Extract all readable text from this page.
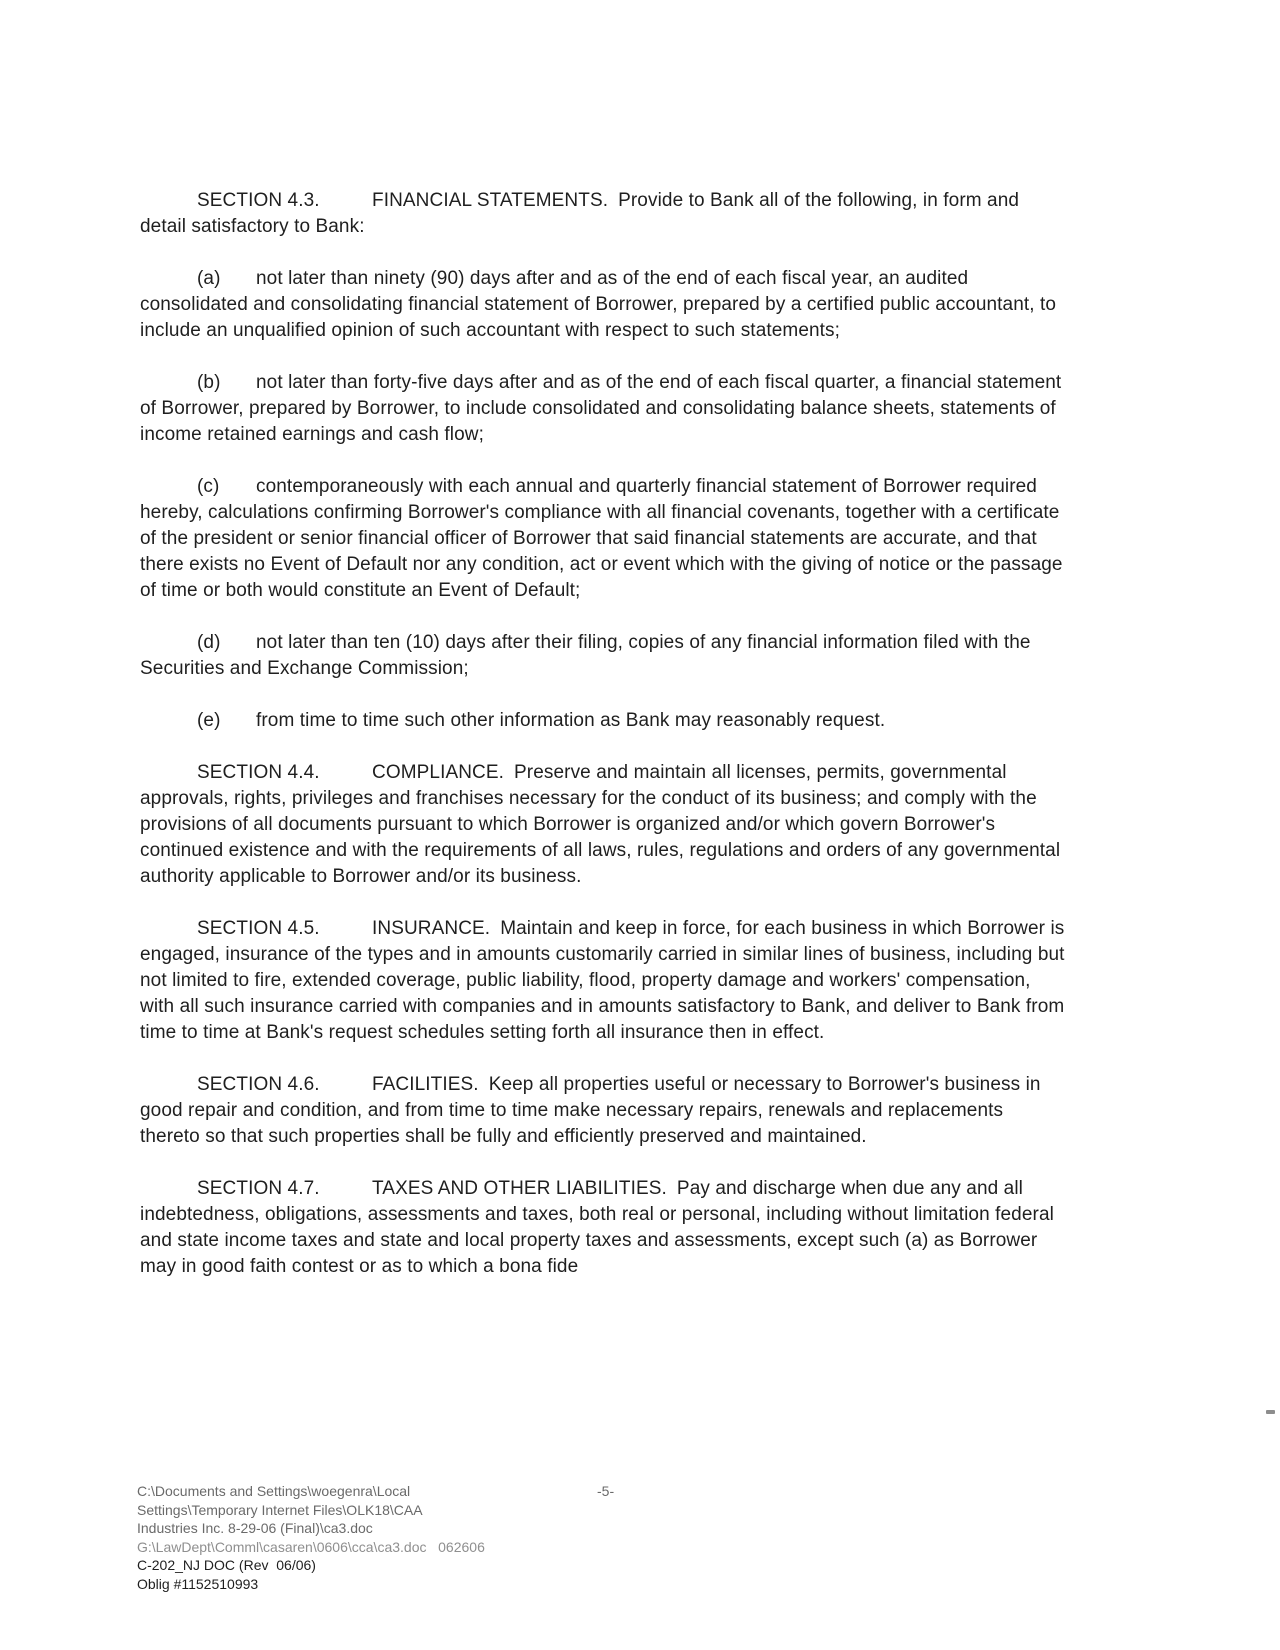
SECTION 4.3.	FINANCIAL STATEMENTS. Provide to Bank all of the following, in form and detail satisfactory to Bank:

(a) not later than ninety (90) days after and as of the end of each fiscal year, an audited consolidated and consolidating financial statement of Borrower, prepared by a certified public accountant, to include an unqualified opinion of such accountant with respect to such statements;

(b) not later than forty-five days after and as of the end of each fiscal quarter, a financial statement of Borrower, prepared by Borrower, to include consolidated and consolidating balance sheets, statements of income retained earnings and cash flow;

(c) contemporaneously with each annual and quarterly financial statement of Borrower required hereby, calculations confirming Borrower's compliance with all financial covenants, together with a certificate of the president or senior financial officer of Borrower that said financial statements are accurate, and that there exists no Event of Default nor any condition, act or event which with the giving of notice or the passage of time or both would constitute an Event of Default;

(d) not later than ten (10) days after their filing, copies of any financial information filed with the Securities and Exchange Commission;

(e) from time to time such other information as Bank may reasonably request.

SECTION 4.4.	COMPLIANCE. Preserve and maintain all licenses, permits, governmental approvals, rights, privileges and franchises necessary for the conduct of its business; and comply with the provisions of all documents pursuant to which Borrower is organized and/or which govern Borrower's continued existence and with the requirements of all laws, rules, regulations and orders of any governmental authority applicable to Borrower and/or its business.

SECTION 4.5.	INSURANCE. Maintain and keep in force, for each business in which Borrower is engaged, insurance of the types and in amounts customarily carried in similar lines of business, including but not limited to fire, extended coverage, public liability, flood, property damage and workers' compensation, with all such insurance carried with companies and in amounts satisfactory to Bank, and deliver to Bank from time to time at Bank's request schedules setting forth all insurance then in effect.

SECTION 4.6.	FACILITIES. Keep all properties useful or necessary to Borrower's business in good repair and condition, and from time to time make necessary repairs, renewals and replacements thereto so that such properties shall be fully and efficiently preserved and maintained.

SECTION 4.7.	TAXES AND OTHER LIABILITIES. Pay and discharge when due any and all indebtedness, obligations, assessments and taxes, both real or personal, including without limitation federal and state income taxes and state and local property taxes and assessments, except such (a) as Borrower may in good faith contest or as to which a bona fide

-5-
C:\Documents and Settings\woegenra\Local
Settings\Temporary Internet Files\OLK18\CAA
Industries Inc. 8-29-06 (Final)\ca3.doc
G:\LawDept\Comml\casaren\0606\cca\ca3.doc   062606
C-202_NJ DOC (Rev  06/06)
Oblig #1152510993
